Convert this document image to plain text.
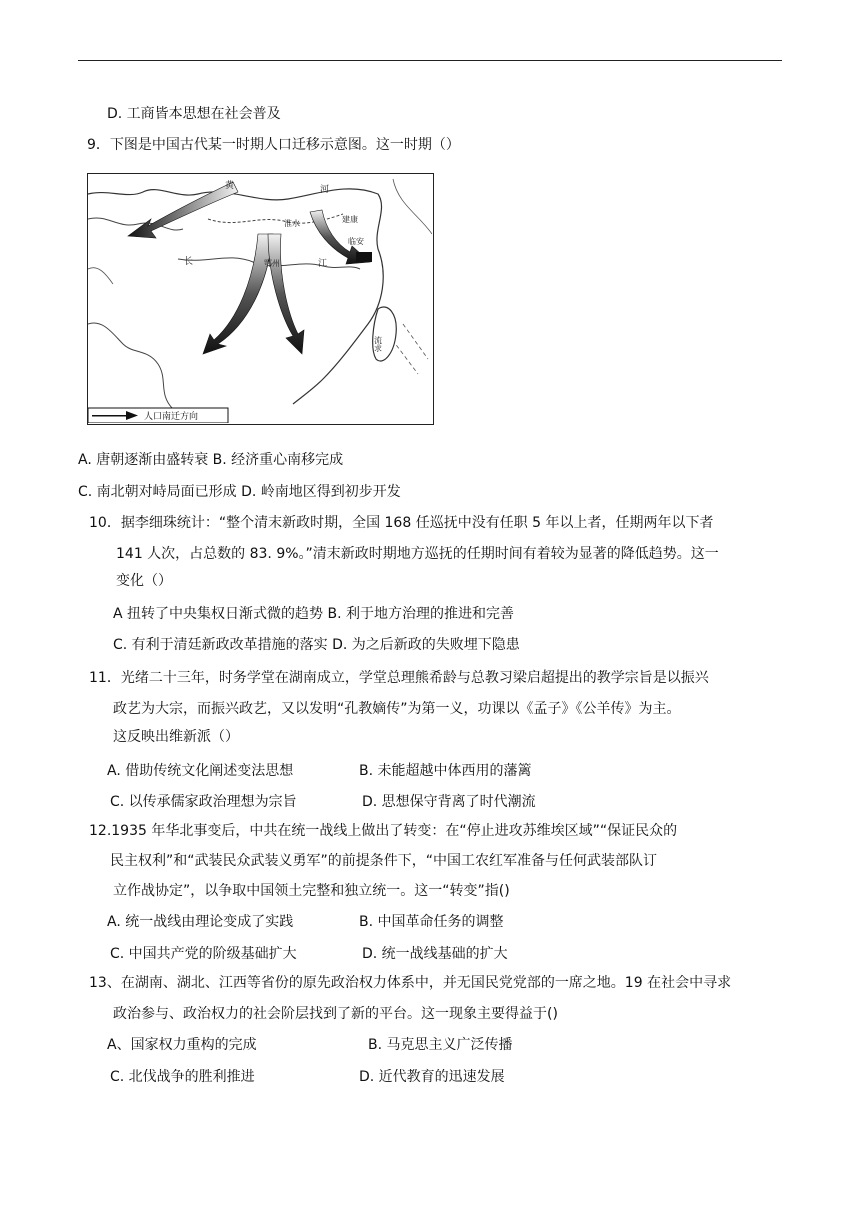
D. 工商皆本思想在社会普及
9．下图是中国古代某一时期人口迁移示意图。这一时期（）
黄	河
淮水	建康
临安
长	鄂州	江
流求
人口南迁方向
A. 唐朝逐渐由盛转衰 B. 经济重心南移完成
C. 南北朝对峙局面已形成 D. 岭南地区得到初步开发
10．据李细珠统计：“整个清末新政时期，全国 168 任巡抚中没有任职 5 年以上者，任期两年以下者
141 人次，占总数的 83. 9%。”清末新政时期地方巡抚的任期时间有着较为显著的降低趋势。这一
变化（）
A 扭转了中央集权日渐式微的趋势 B. 利于地方治理的推进和完善
C. 有利于清廷新政改革措施的落实 D. 为之后新政的失败埋下隐患
11．光绪二十三年，时务学堂在湖南成立，学堂总理熊希龄与总教习梁启超提出的教学宗旨是以振兴
政艺为大宗，而振兴政艺，又以发明“孔教嫡传”为第一义，功课以《孟子》《公羊传》为主。
这反映出维新派（）
A. 借助传统文化阐述变法思想	B. 未能超越中体西用的藩篱
C. 以传承儒家政治理想为宗旨	D. 思想保守背离了时代潮流
12.1935 年华北事变后，中共在统一战线上做出了转变：在“停止进攻苏维埃区域”“保证民众的
民主权利”和“武装民众武装义勇军”的前提条件下，“中国工农红军准备与任何武装部队订
立作战协定”，以争取中国领土完整和独立统一。这一“转变”指()
A. 统一战线由理论变成了实践	B. 中国革命任务的调整
C. 中国共产党的阶级基础扩大	D. 统一战线基础的扩大
13、在湖南、湖北、江西等省份的原先政治权力体系中，并无国民党党部的一席之地。19 在社会中寻求
政治参与、政治权力的社会阶层找到了新的平台。这一现象主要得益于()
A、国家权力重构的完成	B. 马克思主义广泛传播
C. 北伐战争的胜利推进	D. 近代教育的迅速发展
